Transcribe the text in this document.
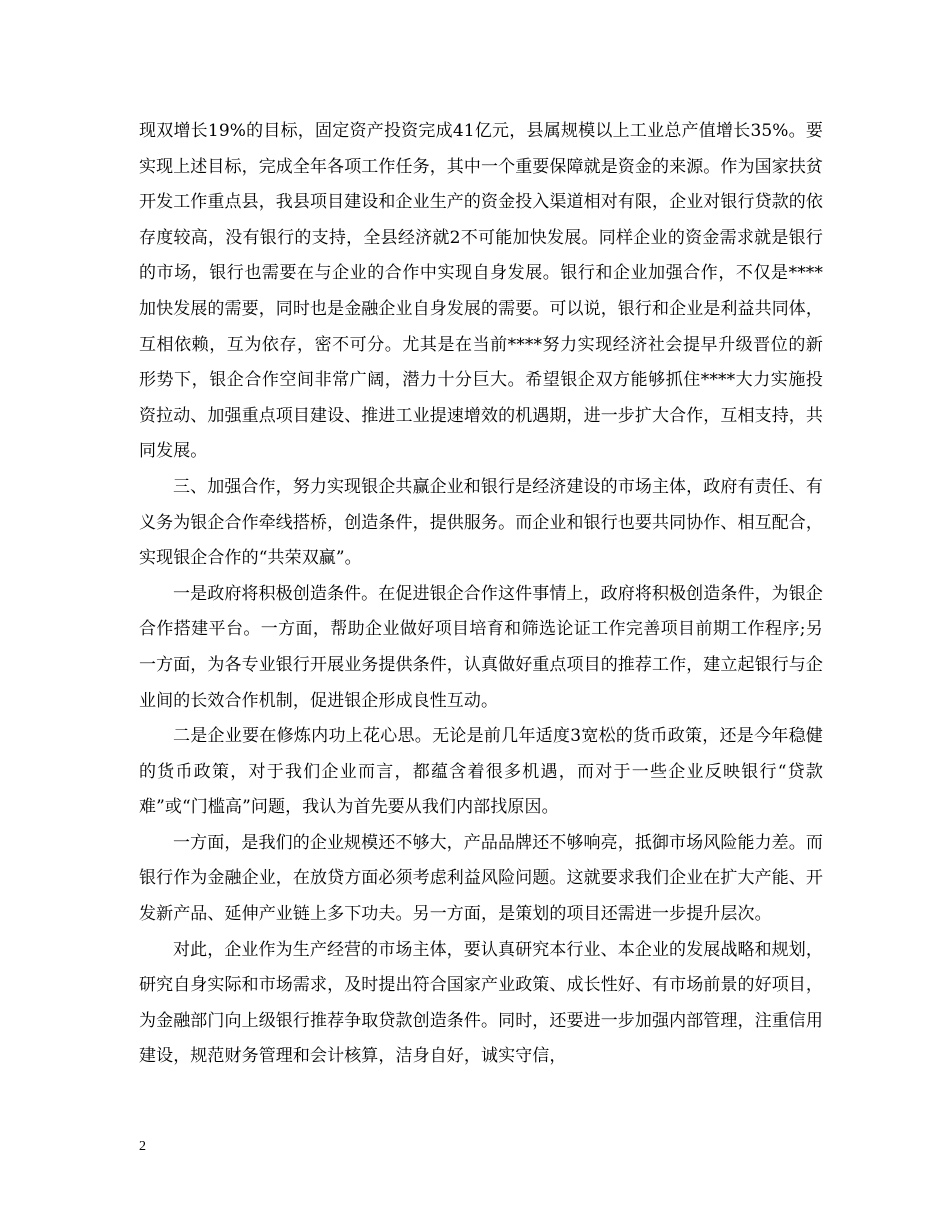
现双增长19%的目标，固定资产投资完成41亿元，县属规模以上工业总产值增长35%。要实现上述目标，完成全年各项工作任务，其中一个重要保障就是资金的来源。作为国家扶贫开发工作重点县，我县项目建设和企业生产的资金投入渠道相对有限，企业对银行贷款的依存度较高，没有银行的支持，全县经济就2不可能加快发展。同样企业的资金需求就是银行的市场，银行也需要在与企业的合作中实现自身发展。银行和企业加强合作，不仅是****加快发展的需要，同时也是金融企业自身发展的需要。可以说，银行和企业是利益共同体，互相依赖，互为依存，密不可分。尤其是在当前****努力实现经济社会提早升级晋位的新形势下，银企合作空间非常广阔，潜力十分巨大。希望银企双方能够抓住****大力实施投资拉动、加强重点项目建设、推进工业提速增效的机遇期，进一步扩大合作，互相支持，共同发展。

三、加强合作，努力实现银企共赢企业和银行是经济建设的市场主体，政府有责任、有义务为银企合作牵线搭桥，创造条件，提供服务。而企业和银行也要共同协作、相互配合，实现银企合作的“共荣双赢”。

一是政府将积极创造条件。在促进银企合作这件事情上，政府将积极创造条件，为银企合作搭建平台。一方面，帮助企业做好项目培育和筛选论证工作完善项目前期工作程序;另一方面，为各专业银行开展业务提供条件，认真做好重点项目的推荐工作，建立起银行与企业间的长效合作机制，促进银企形成良性互动。

二是企业要在修炼内功上花心思。无论是前几年适度3宽松的货币政策，还是今年稳健的货币政策，对于我们企业而言，都蕴含着很多机遇，而对于一些企业反映银行“贷款难”或“门槛高”问题，我认为首先要从我们内部找原因。

一方面，是我们的企业规模还不够大，产品品牌还不够响亮，抵御市场风险能力差。而银行作为金融企业，在放贷方面必须考虑利益风险问题。这就要求我们企业在扩大产能、开发新产品、延伸产业链上多下功夫。另一方面，是策划的项目还需进一步提升层次。

对此，企业作为生产经营的市场主体，要认真研究本行业、本企业的发展战略和规划，研究自身实际和市场需求，及时提出符合国家产业政策、成长性好、有市场前景的好项目，为金融部门向上级银行推荐争取贷款创造条件。同时，还要进一步加强内部管理，注重信用建设，规范财务管理和会计核算，洁身自好，诚实守信，

2
